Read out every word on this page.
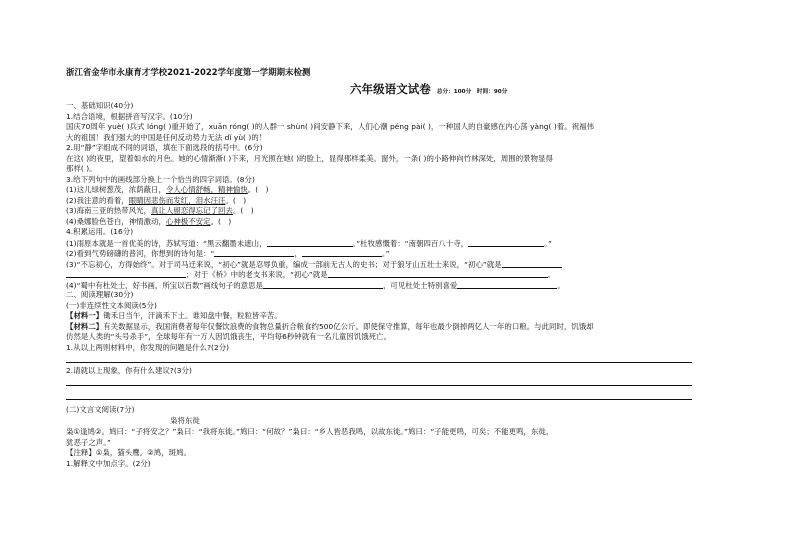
浙江省金华市永康育才学校2021-2022学年度第一学期期末检测
六年级语文试卷 总分：100分　时间：90分
一、基础知识(40分)
1.结合语境，根据拼音写汉字。(10分)
国庆70周年 yuè( )兵式 lóng( )重开始了，xuān róng( )的人群一 shùn( )间安静下来，人们心潮 péng pài( )，一种国人的自豪感在内心荡 yàng( )着。祝福伟
大的祖国！我们强大的中国是任何反动势力无法 dǐ yù( )的！
2.用“静”字组成不同的词语，填在下面选段的括号中。(6分)
在这( )的夜里，望着如水的月色。她的心情渐渐( )下来，月光照在她( )的脸上，显得那样柔美。窗外，一条( )的小路伸向竹林深处，周围的景物显得
那样( )。
3.给下列句中的画线部分换上一个恰当的四字词语。(8分)
(1)这儿绿树葱茂，浓荫蔽日，令人心情舒畅，精神愉快。(　)
(2)我注意的看着，眼睛因悲伤而发红，泪水汪汪。(　)
(3)海南三亚的热带风光，真让人留恋得忘记了回去。(　)
(4)桑娜脸色苍白，神情激动，心神极不安定。(　)
4.积累运用。(16分)
(1)雨原本就是一首优美的诗，苏轼写道：“黑云翻墨未遮山，	。”杜牧感慨着：“南朝四百八十寺，	。”
(2)看到气势磅礴的普河，你想到的诗句是：“	，	。”
(3)“不忘初心，方得始终”。对于司马迁来说，“初心”就是忍辱负重，编成一部前无古人的史书；对于狼牙山五壮士来说，“初心”就是
；对于《桥》中的老支书来说，“初心”就是	。
(4)“蜀中有杜处士，好书画，所宝以百数”画线句子的意思是	，可见杜处士特别喜爱	。
二、阅读理解(30分)
(一)非连续性文本阅读(5分)
【材料一】锄禾日当午，汗滴禾下土。谁知盘中餐，粒粒皆辛苦。
【材料二】有关数据显示，我国消费者每年仅餐饮浪费的食物总量折合粮食约500亿公斤。即使保守推算，每年也最少倒掉两亿人一年的口粮。与此同时，饥饿却
仿然是人类的“头号杀手”，全球每年有一万人因饥饿丧生，平均每6秒钟就有一名儿童因饥饿死亡。
1.从以上两则材料中，你发现的问题是什么?(2分)
2.请就以上现象，你有什么建议?(3分)
(二)文言文阅读(7分)
枭将东徙
枭①逢鸠②。鸠曰：“子将安之？”枭曰：“我将东徙。”鸠曰：“何故？”枭曰：“乡人皆恶我鸣，以故东徙。”鸠曰：“子能更鸣，可矣；不能更鸣，东徙，
犹恶子之声。”
【注释】①枭，猫头鹰。②鸠，斑鸠。
1.解释文中加点字。(2分)
